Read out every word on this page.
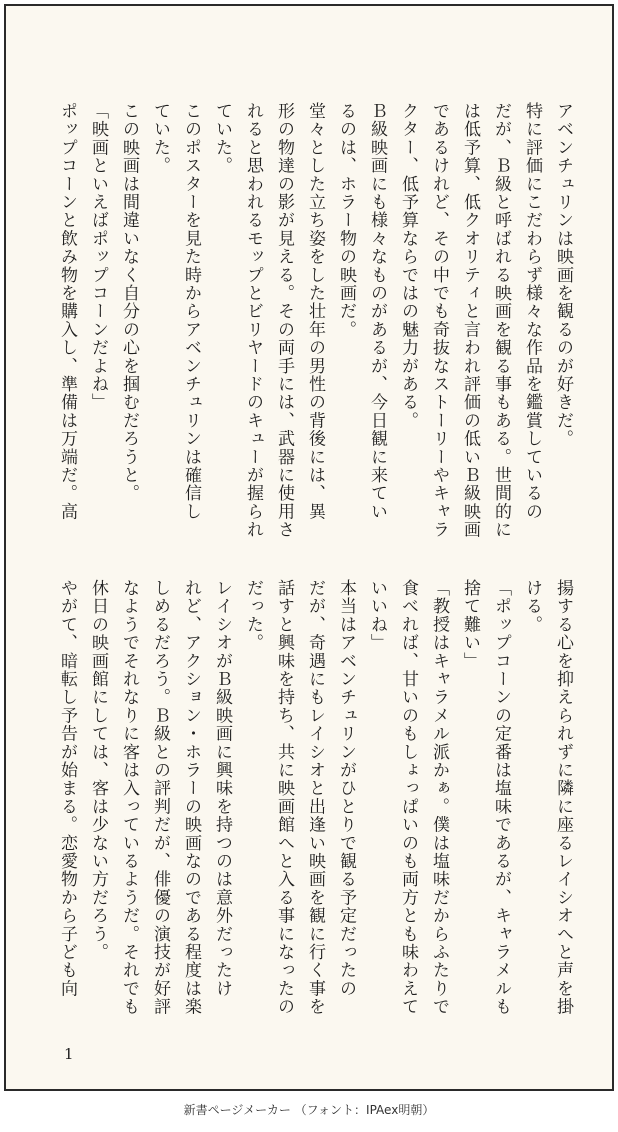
アベンチュリンは映画を観るのが好きだ。
特に評価にこだわらず様々な作品を鑑賞しているの
だが、Ｂ級と呼ばれる映画を観る事もある。世間的に
は低予算、低クオリティと言われ評価の低いＢ級映画
であるけれど、その中でも奇抜なストーリーやキャラ
クター、低予算ならではの魅力がある。
Ｂ級映画にも様々なものがあるが、今日観に来てい
るのは、ホラー物の映画だ。
堂々とした立ち姿をした壮年の男性の背後には、異
形の物達の影が見える。その両手には、武器に使用さ
れると思われるモップとビリヤードのキューが握られ
ていた。
このポスターを見た時からアベンチュリンは確信し
ていた。
この映画は間違いなく自分の心を掴むだろうと。
「映画といえばポップコーンだよね」
ポップコーンと飲み物を購入し、準備は万端だ。高
揚する心を抑えられずに隣に座るレイシオへと声を掛
ける。
「ポップコーンの定番は塩味であるが、キャラメルも
捨て難い」
「教授はキャラメル派かぁ。僕は塩味だからふたりで
食べれば、甘いのもしょっぱいのも両方とも味わえて
いいね」
本当はアベンチュリンがひとりで観る予定だったの
だが、奇遇にもレイシオと出逢い映画を観に行く事を
話すと興味を持ち、共に映画館へと入る事になったの
だった。
レイシオがＢ級映画に興味を持つのは意外だったけ
れど、アクション・ホラーの映画なのである程度は楽
しめるだろう。Ｂ級との評判だが、俳優の演技が好評
なようでそれなりに客は入っているようだ。それでも
休日の映画館にしては、客は少ない方だろう。
やがて、暗転し予告が始まる。恋愛物から子ども向
1
新書ページメーカー （フォント：IPAex明朝）
